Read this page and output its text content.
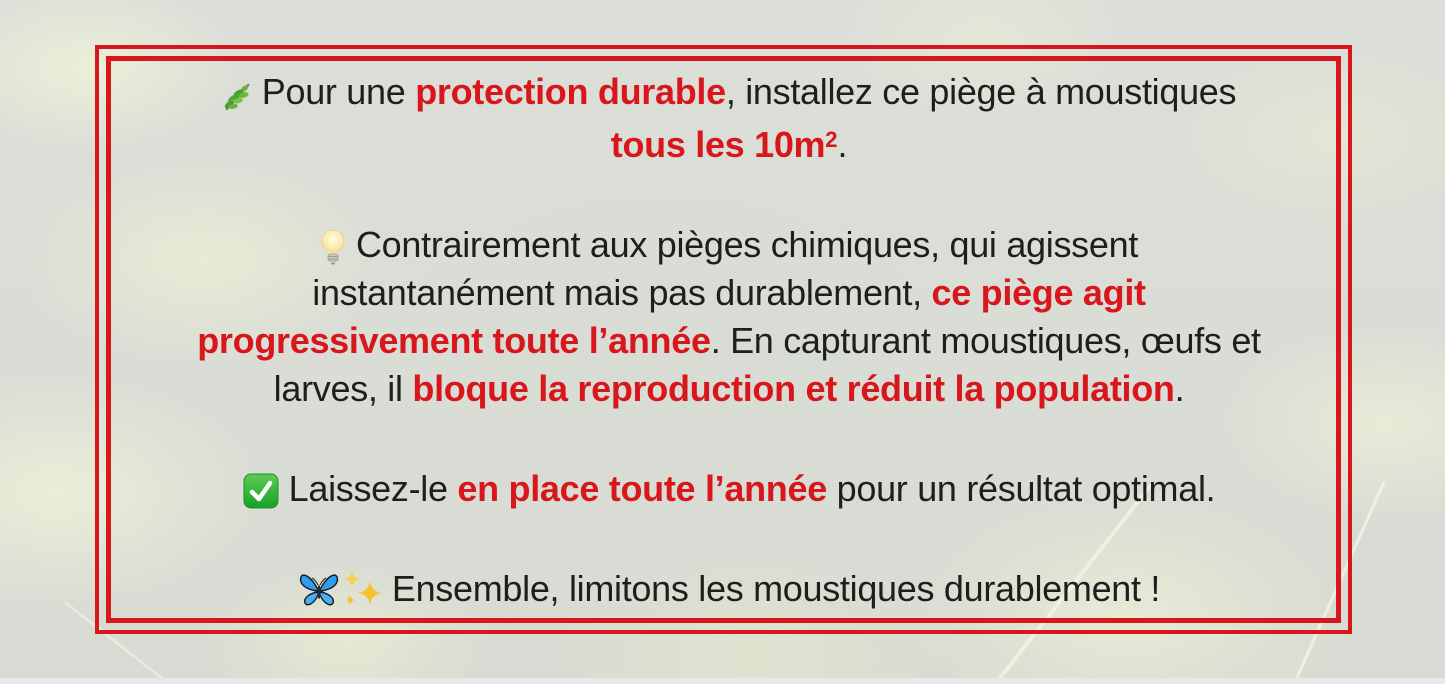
Pour une protection durable, installez ce piège à moustiques
tous les $10m^2$.
Contrairement aux pièges chimiques, qui agissent
instantanément mais pas durablement, ce piège agit
progressivement toute l’année. En capturant moustiques, œufs et
larves, il bloque la reproduction et réduit la population.
Laissez-le en place toute l’année pour un résultat optimal.
Ensemble, limitons les moustiques durablement !
